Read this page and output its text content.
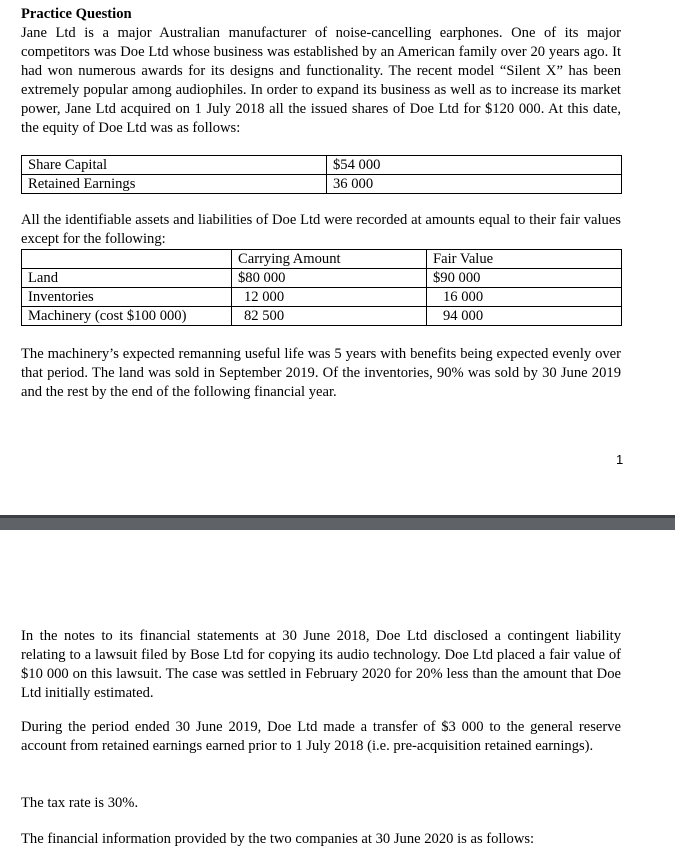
Practice Question

Jane Ltd is a major Australian manufacturer of noise-cancelling earphones. One of its major competitors was Doe Ltd whose business was established by an American family over 20 years ago. It had won numerous awards for its designs and functionality. The recent model “Silent X” has been extremely popular among audiophiles. In order to expand its business as well as to increase its market power, Jane Ltd acquired on 1 July 2018 all the issued shares of Doe Ltd for $120 000. At this date, the equity of Doe Ltd was as follows:

Share Capital	$54 000
Retained Earnings	36 000

All the identifiable assets and liabilities of Doe Ltd were recorded at amounts equal to their fair values except for the following:

	Carrying Amount	Fair Value
Land	$80 000	$90 000
Inventories	12 000	16 000
Machinery (cost $100 000)	82 500	94 000

The machinery’s expected remanning useful life was 5 years with benefits being expected evenly over that period. The land was sold in September 2019. Of the inventories, 90% was sold by 30 June 2019 and the rest by the end of the following financial year.

1

In the notes to its financial statements at 30 June 2018, Doe Ltd disclosed a contingent liability relating to a lawsuit filed by Bose Ltd for copying its audio technology. Doe Ltd placed a fair value of $10 000 on this lawsuit. The case was settled in February 2020 for 20% less than the amount that Doe Ltd initially estimated.

During the period ended 30 June 2019, Doe Ltd made a transfer of $3 000 to the general reserve account from retained earnings earned prior to 1 July 2018 (i.e. pre-acquisition retained earnings).

The tax rate is 30%.

The financial information provided by the two companies at 30 June 2020 is as follows:
